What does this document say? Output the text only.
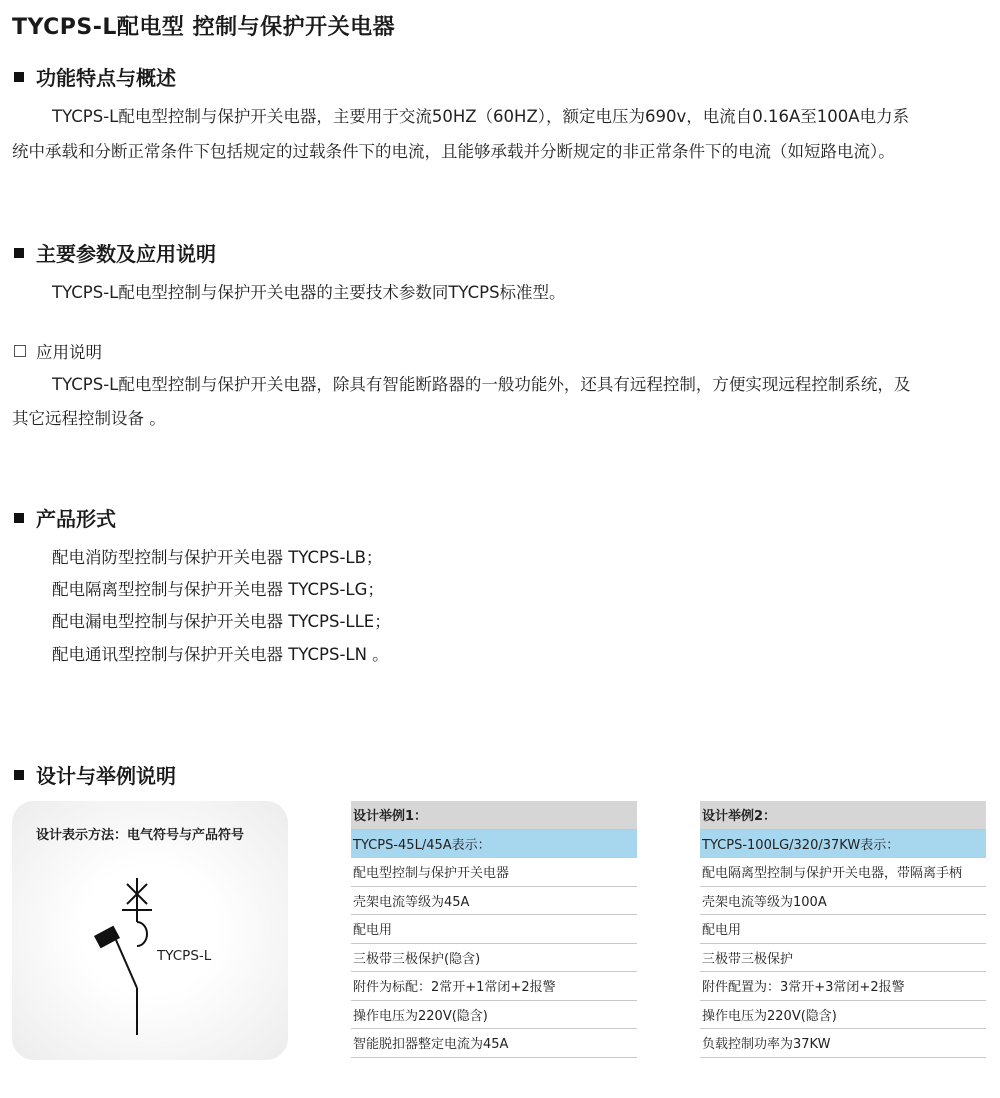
TYCPS-L配电型 控制与保护开关电器
功能特点与概述
TYCPS-L配电型控制与保护开关电器，主要用于交流50HZ（60HZ），额定电压为690v，电流自0.16A至100A电力系
统中承载和分断正常条件下包括规定的过载条件下的电流，且能够承载并分断规定的非正常条件下的电流（如短路电流）。
主要参数及应用说明
TYCPS-L配电型控制与保护开关电器的主要技术参数同TYCPS标准型。
应用说明
TYCPS-L配电型控制与保护开关电器，除具有智能断路器的一般功能外，还具有远程控制，方便实现远程控制系统，及
其它远程控制设备 。
产品形式
配电消防型控制与保护开关电器 TYCPS-LB；
配电隔离型控制与保护开关电器 TYCPS-LG；
配电漏电型控制与保护开关电器 TYCPS-LLE；
配电通讯型控制与保护开关电器 TYCPS-LN 。
设计与举例说明
设计表示方法：电气符号与产品符号
TYCPS-L
设计举例1：
TYCPS-45L/45A表示：
配电型控制与保护开关电器
壳架电流等级为45A
配电用
三极带三极保护(隐含)
附件为标配：2常开+1常闭+2报警
操作电压为220V(隐含)
智能脱扣器整定电流为45A
设计举例2：
TYCPS-100LG/320/37KW表示：
配电隔离型控制与保护开关电器，带隔离手柄
壳架电流等级为100A
配电用
三极带三极保护
附件配置为：3常开+3常闭+2报警
操作电压为220V(隐含)
负载控制功率为37KW
